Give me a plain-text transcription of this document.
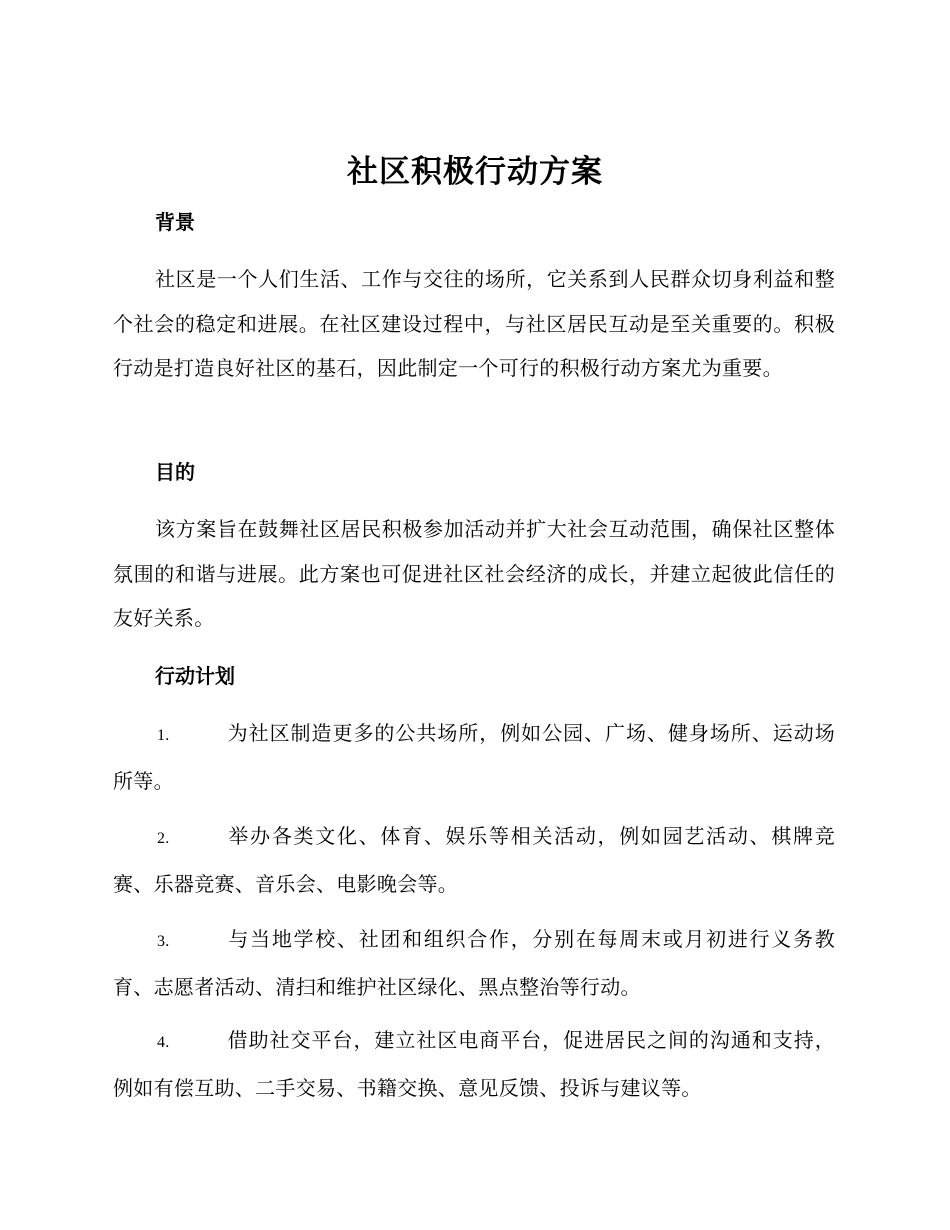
社区积极行动方案
背景

社区是一个人们生活、工作与交往的场所，它关系到人民群众切身利益和整个社会的稳定和进展。在社区建设过程中，与社区居民互动是至关重要的。积极行动是打造良好社区的基石，因此制定一个可行的积极行动方案尤为重要。

目的

该方案旨在鼓舞社区居民积极参加活动并扩大社会互动范围，确保社区整体氛围的和谐与进展。此方案也可促进社区社会经济的成长，并建立起彼此信任的友好关系。

行动计划

1.	为社区制造更多的公共场所，例如公园、广场、健身场所、运动场所等。

2.	举办各类文化、体育、娱乐等相关活动，例如园艺活动、棋牌竞赛、乐器竞赛、音乐会、电影晚会等。

3.	与当地学校、社团和组织合作，分别在每周末或月初进行义务教育、志愿者活动、清扫和维护社区绿化、黑点整治等行动。

4.	借助社交平台，建立社区电商平台，促进居民之间的沟通和支持，例如有偿互助、二手交易、书籍交换、意见反馈、投诉与建议等。
